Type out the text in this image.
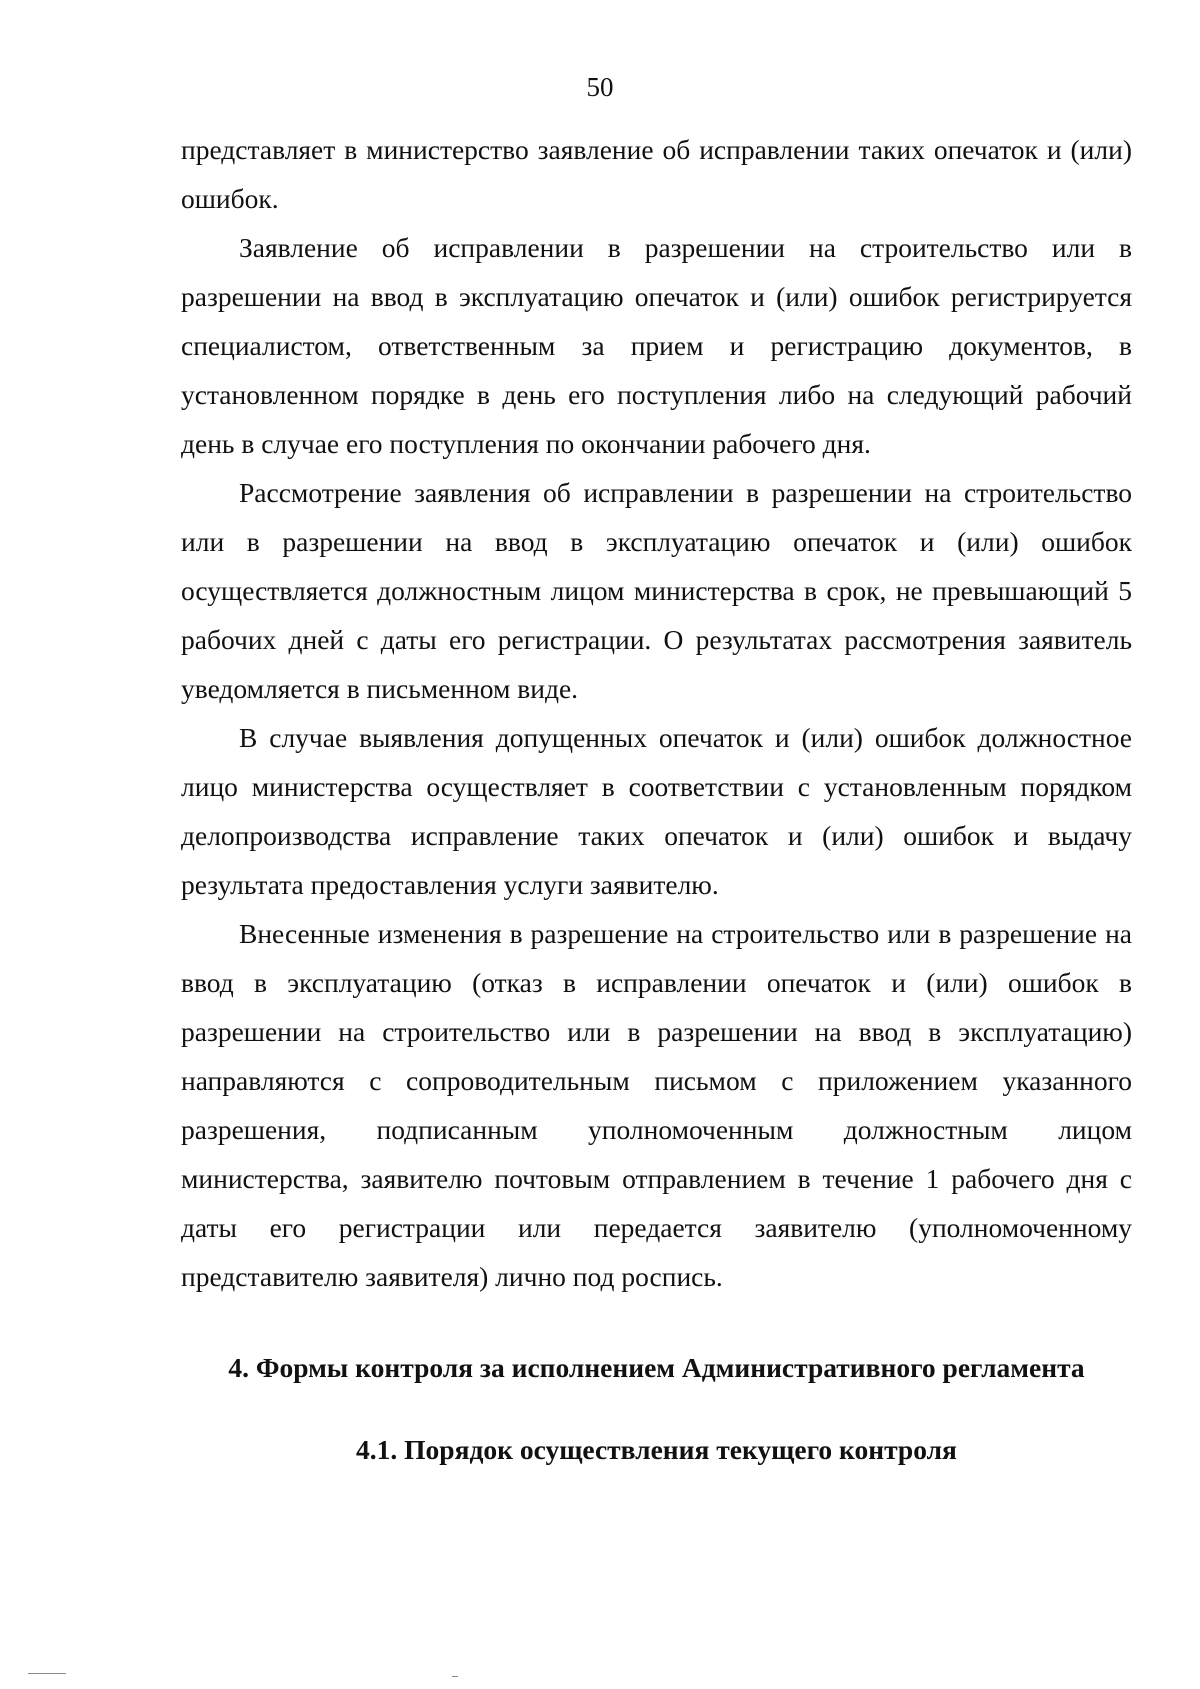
50

представляет в министерство заявление об исправлении таких опечаток и (или) ошибок.

Заявление об исправлении в разрешении на строительство или в разрешении на ввод в эксплуатацию опечаток и (или) ошибок регистрируется специалистом, ответственным за прием и регистрацию документов, в установленном порядке в день его поступления либо на следующий рабочий день в случае его поступления по окончании рабочего дня.

Рассмотрение заявления об исправлении в разрешении на строительство или в разрешении на ввод в эксплуатацию опечаток и (или) ошибок осуществляется должностным лицом министерства в срок, не превышающий 5 рабочих дней с даты его регистрации. О результатах рассмотрения заявитель уведомляется в письменном виде.

В случае выявления допущенных опечаток и (или) ошибок должностное лицо министерства осуществляет в соответствии с установленным порядком делопроизводства исправление таких опечаток и (или) ошибок и выдачу результата предоставления услуги заявителю.

Внесенные изменения в разрешение на строительство или в разрешение на ввод в эксплуатацию (отказ в исправлении опечаток и (или) ошибок в разрешении на строительство или в разрешении на ввод в эксплуатацию) направляются с сопроводительным письмом с приложением указанного разрешения, подписанным уполномоченным должностным лицом министерства, заявителю почтовым отправлением в течение 1 рабочего дня с даты его регистрации или передается заявителю (уполномоченному представителю заявителя) лично под роспись.

4. Формы контроля за исполнением Административного регламента
4.1. Порядок осуществления текущего контроля
